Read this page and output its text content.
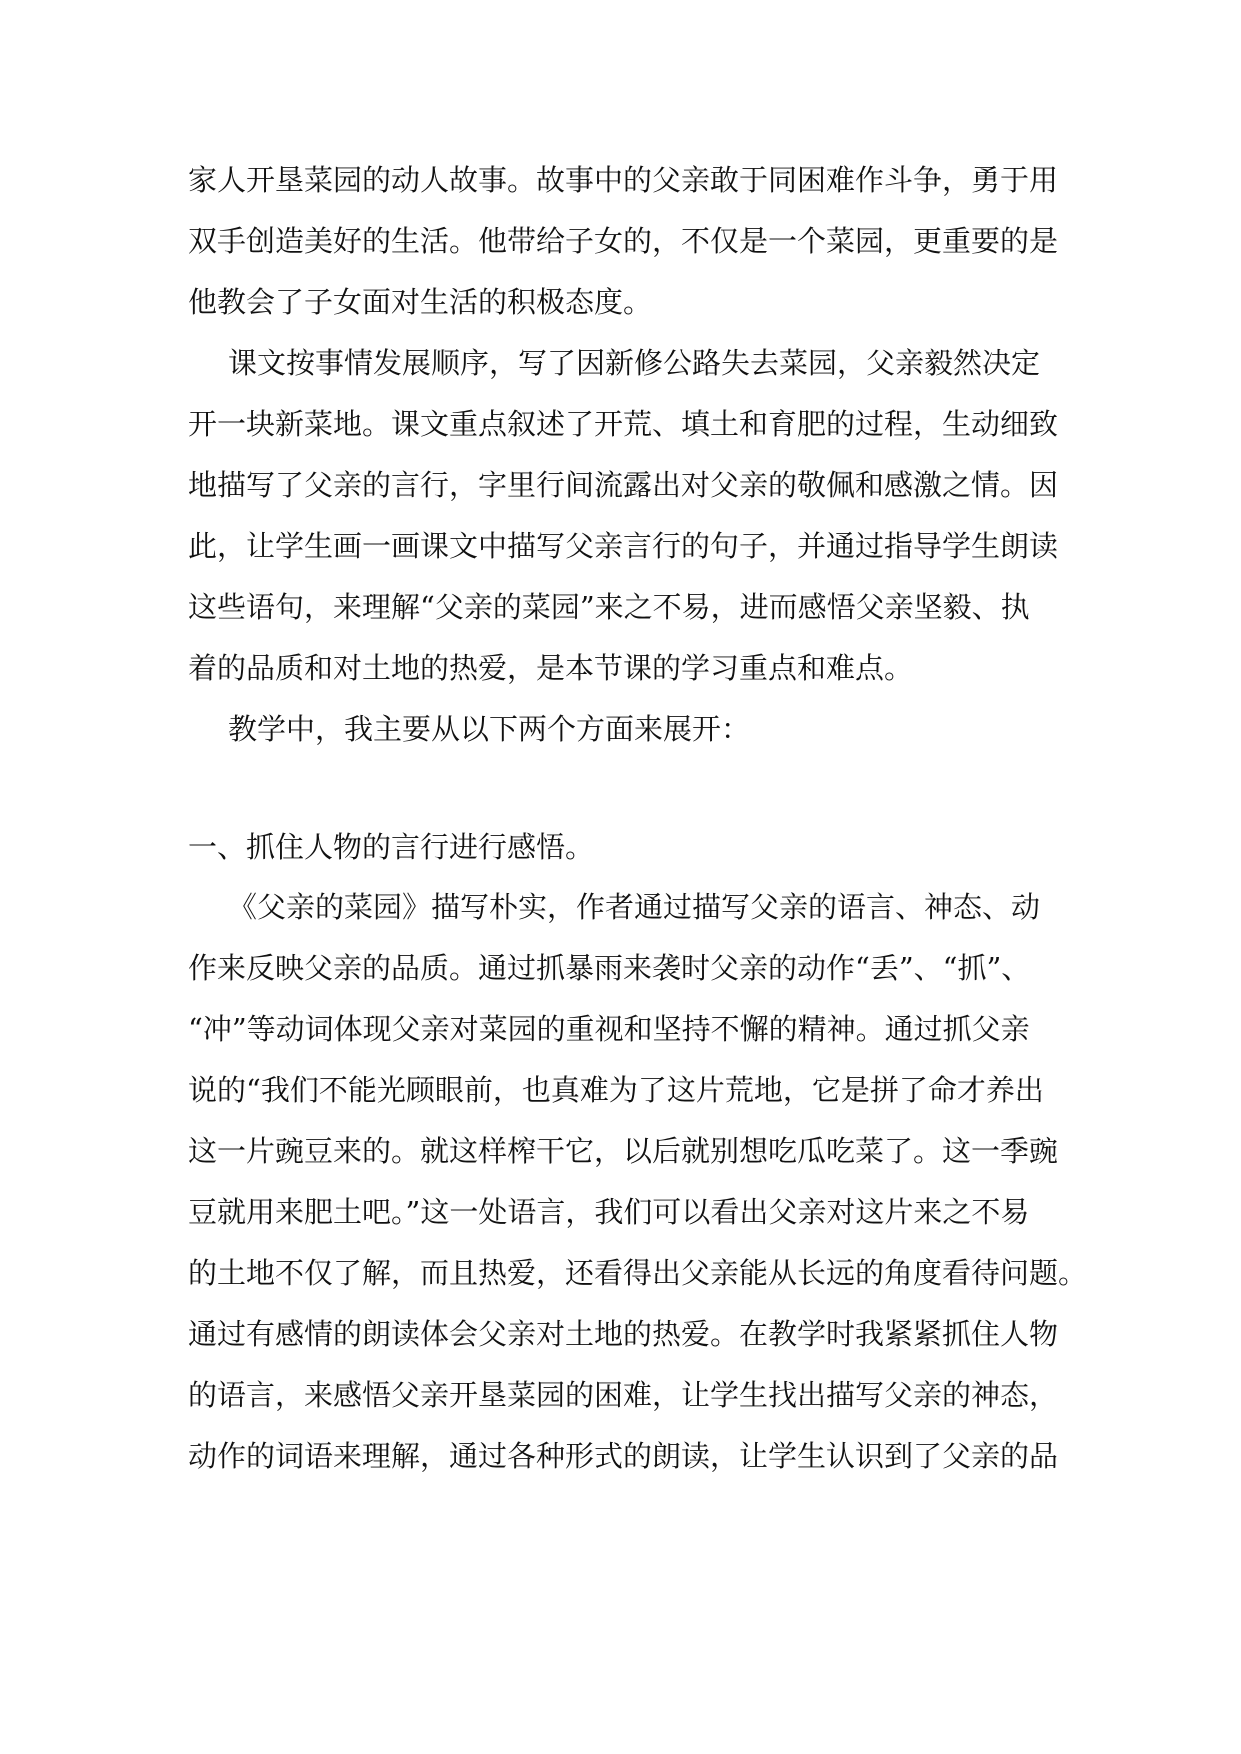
家人开垦菜园的动人故事。故事中的父亲敢于同困难作斗争，勇于用
双手创造美好的生活。他带给子女的，不仅是一个菜园，更重要的是
他教会了子女面对生活的积极态度。
课文按事情发展顺序，写了因新修公路失去菜园，父亲毅然决定
开一块新菜地。课文重点叙述了开荒、填土和育肥的过程，生动细致
地描写了父亲的言行，字里行间流露出对父亲的敬佩和感激之情。因
此，让学生画一画课文中描写父亲言行的句子，并通过指导学生朗读
这些语句，来理解“父亲的菜园”来之不易，进而感悟父亲坚毅、执
着的品质和对土地的热爱，是本节课的学习重点和难点。
教学中，我主要从以下两个方面来展开：
一、抓住人物的言行进行感悟。
《父亲的菜园》描写朴实，作者通过描写父亲的语言、神态、动
作来反映父亲的品质。通过抓暴雨来袭时父亲的动作“丢”、“抓”、
“冲”等动词体现父亲对菜园的重视和坚持不懈的精神。通过抓父亲
说的“我们不能光顾眼前，也真难为了这片荒地，它是拼了命才养出
这一片豌豆来的。就这样榨干它，以后就别想吃瓜吃菜了。这一季豌
豆就用来肥土吧。”这一处语言，我们可以看出父亲对这片来之不易
的土地不仅了解，而且热爱，还看得出父亲能从长远的角度看待问题。
通过有感情的朗读体会父亲对土地的热爱。在教学时我紧紧抓住人物
的语言，来感悟父亲开垦菜园的困难，让学生找出描写父亲的神态，
动作的词语来理解，通过各种形式的朗读，让学生认识到了父亲的品
